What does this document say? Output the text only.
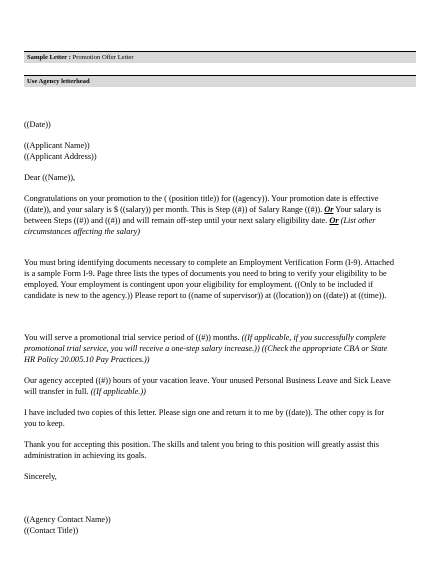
Sample Letter : Promotion Offer Letter
Use Agency letterhead

((Date))

((Applicant Name))

((Applicant Address))

Dear ((Name)),

Congratulations on your promotion to the ( (position title)) for ((agency)). Your promotion date is effective ((date)), and your salary is $ ((salary)) per month. This is Step ((#)) of Salary Range ((#)). Or Your salary is between Steps ((#)) and ((#)) and will remain off-step until your next salary eligibility date. Or (List other circumstances affecting the salary)

You must bring identifying documents necessary to complete an Employment Verification Form (I-9). Attached is a sample Form I-9. Page three lists the types of documents you need to bring to verify your eligibility to be employed. Your employment is contingent upon your eligibility for employment. ((Only to be included if candidate is new to the agency.)) Please report to ((name of supervisor)) at ((location)) on ((date)) at ((time)).

You will serve a promotional trial service period of ((#)) months. ((If applicable, if you successfully complete promotional trial service, you will receive a one-step salary increase.)) ((Check the appropriate CBA or State HR Policy 20.005.10 Pay Practices.))

Our agency accepted ((#)) hours of your vacation leave. Your unused Personal Business Leave and Sick Leave will transfer in full. ((If applicable.))

I have included two copies of this letter. Please sign one and return it to me by ((date)). The other copy is for you to keep.

Thank you for accepting this position. The skills and talent you bring to this position will greatly assist this administration in achieving its goals.

Sincerely,

((Agency Contact Name))

((Contact Title))
